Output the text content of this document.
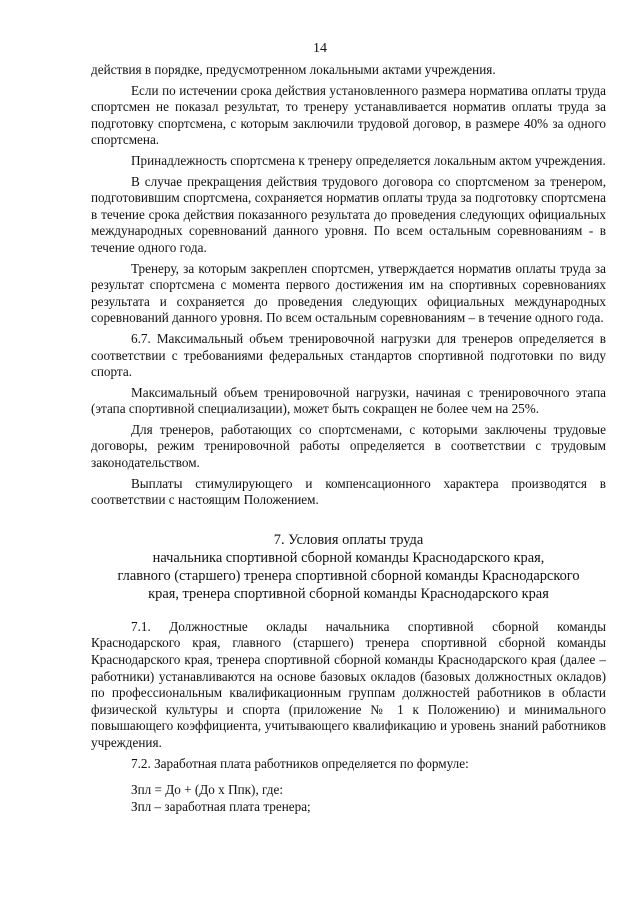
14

действия в порядке, предусмотренном локальными актами учреждения.

Если по истечении срока действия установленного размера норматива оплаты труда спортсмен не показал результат, то тренеру устанавливается норматив оплаты труда за подготовку спортсмена, с которым заключили трудовой договор, в размере 40% за одного спортсмена.

Принадлежность спортсмена к тренеру определяется локальным актом учреждения.

В случае прекращения действия трудового договора со спортсменом за тренером, подготовившим спортсмена, сохраняется норматив оплаты труда за подготовку спортсмена в течение срока действия показанного результата до проведения следующих официальных международных соревнований данного уровня. По всем остальным соревнованиям - в течение одного года.

Тренеру, за которым закреплен спортсмен, утверждается норматив оплаты труда за результат спортсмена с момента первого достижения им на спортивных соревнованиях результата и сохраняется до проведения следующих официальных международных соревнований данного уровня. По всем остальным соревнованиям – в течение одного года.

6.7. Максимальный объем тренировочной нагрузки для тренеров определяется в соответствии с требованиями федеральных стандартов спортивной подготовки по виду спорта.

Максимальный объем тренировочной нагрузки, начиная с тренировочного этапа (этапа спортивной специализации), может быть сокращен не более чем на 25%.

Для тренеров, работающих со спортсменами, с которыми заключены трудовые договоры, режим тренировочной работы определяется в соответствии с трудовым законодательством.

Выплаты стимулирующего и компенсационного характера производятся в соответствии с настоящим Положением.

7. Условия оплаты труда
начальника спортивной сборной команды Краснодарского края,
главного (старшего) тренера спортивной сборной команды Краснодарского
края, тренера спортивной сборной команды Краснодарского края

7.1. Должностные оклады начальника спортивной сборной команды Краснодарского края, главного (старшего) тренера спортивной сборной команды Краснодарского края, тренера спортивной сборной команды Краснодарского края (далее – работники) устанавливаются на основе базовых окладов (базовых должностных окладов) по профессиональным квалификационным группам должностей работников в области физической культуры и спорта (приложение № 1 к Положению) и минимального повышающего коэффициента, учитывающего квалификацию и уровень знаний работников учреждения.

7.2. Заработная плата работников определяется по формуле:

Зпл = До + (До х Ппк), где:

Зпл – заработная плата тренера;
